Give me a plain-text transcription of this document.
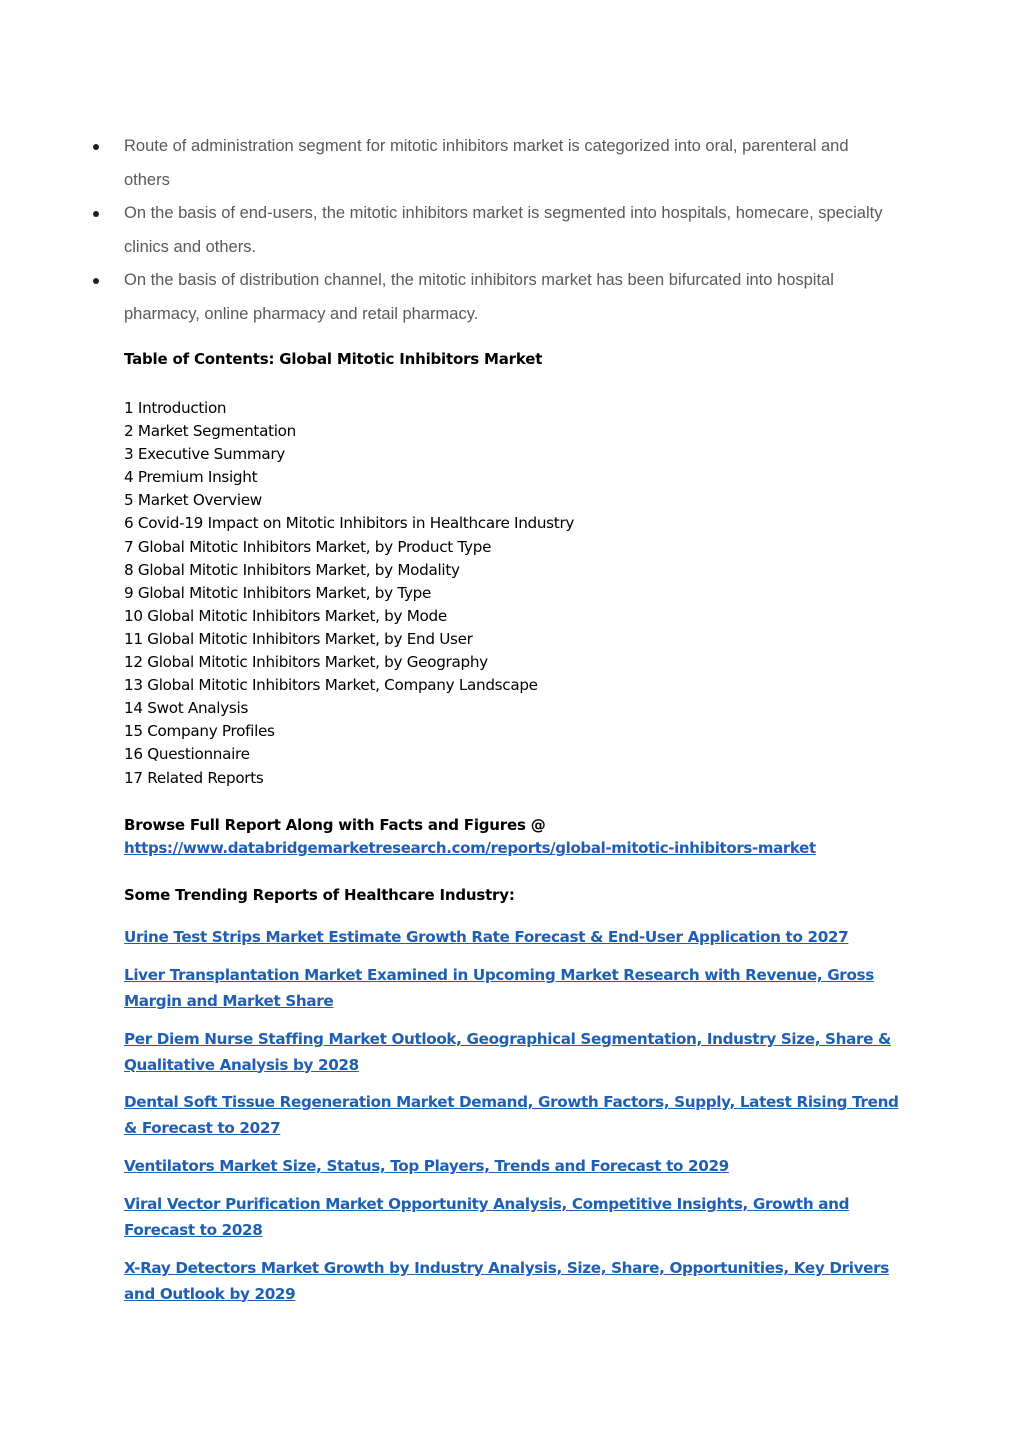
Route of administration segment for mitotic inhibitors market is categorized into oral, parenteral and others
On the basis of end-users, the mitotic inhibitors market is segmented into hospitals, homecare, specialty clinics and others.
On the basis of distribution channel, the mitotic inhibitors market has been bifurcated into hospital pharmacy, online pharmacy and retail pharmacy.
Table of Contents: Global Mitotic Inhibitors Market
1 Introduction
2 Market Segmentation
3 Executive Summary
4 Premium Insight
5 Market Overview
6 Covid-19 Impact on Mitotic Inhibitors in Healthcare Industry
7 Global Mitotic Inhibitors Market, by Product Type
8 Global Mitotic Inhibitors Market, by Modality
9 Global Mitotic Inhibitors Market, by Type
10 Global Mitotic Inhibitors Market, by Mode
11 Global Mitotic Inhibitors Market, by End User
12 Global Mitotic Inhibitors Market, by Geography
13 Global Mitotic Inhibitors Market, Company Landscape
14 Swot Analysis
15 Company Profiles
16 Questionnaire
17 Related Reports
Browse Full Report Along with Facts and Figures @
https://www.databridgemarketresearch.com/reports/global-mitotic-inhibitors-market
Some Trending Reports of Healthcare Industry:
Urine Test Strips Market Estimate Growth Rate Forecast & End-User Application to 2027
Liver Transplantation Market Examined in Upcoming Market Research with Revenue, Gross Margin and Market Share
Per Diem Nurse Staffing Market Outlook, Geographical Segmentation, Industry Size, Share & Qualitative Analysis by 2028
Dental Soft Tissue Regeneration Market Demand, Growth Factors, Supply, Latest Rising Trend & Forecast to 2027
Ventilators Market Size, Status, Top Players, Trends and Forecast to 2029
Viral Vector Purification Market Opportunity Analysis, Competitive Insights, Growth and Forecast to 2028
X-Ray Detectors Market Growth by Industry Analysis, Size, Share, Opportunities, Key Drivers and Outlook by 2029
